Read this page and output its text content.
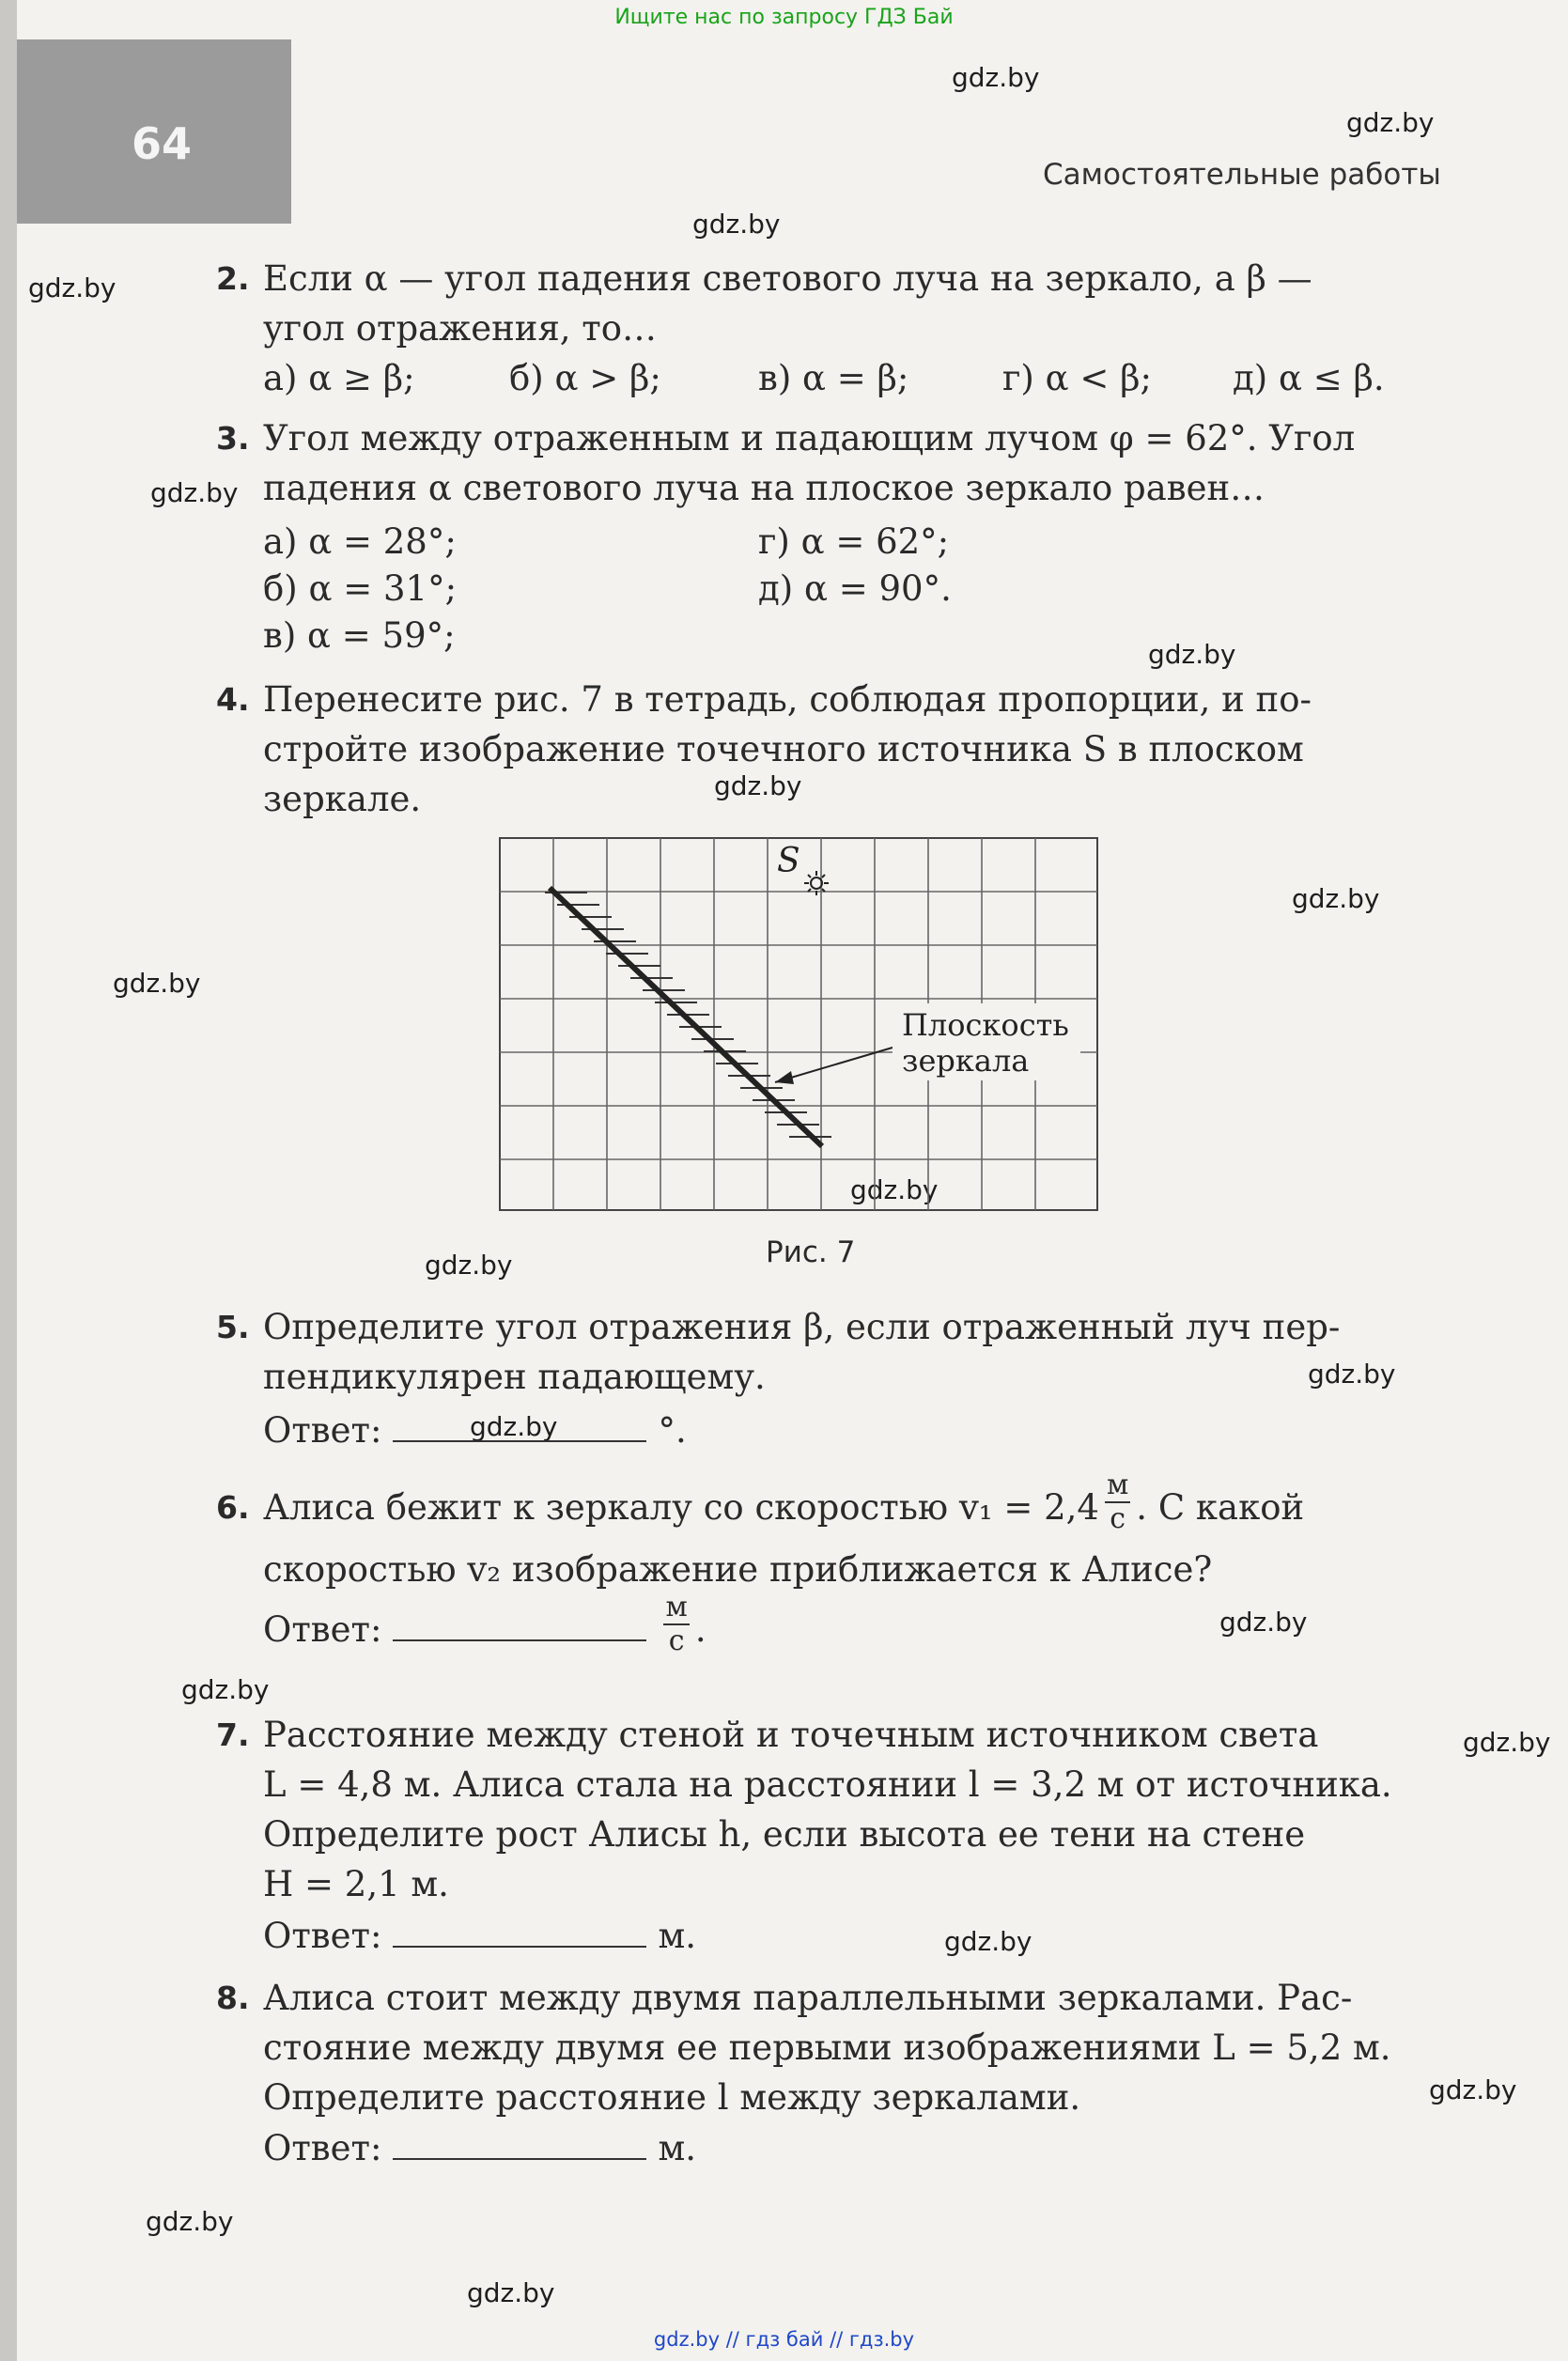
64
Ищите нас по запросу ГДЗ Бай
Самостоятельные работы
gdz.by
gdz.by
gdz.by
gdz.by
gdz.by
gdz.by
gdz.by
gdz.by
gdz.by
gdz.by
gdz.by
gdz.by
gdz.by
gdz.by
gdz.by
gdz.by
gdz.by
gdz.by
gdz.by
gdz.by
2. Если α — угол падения светового луча на зеркало, а β —
угол отражения, то…
а) α ≥ β;	б) α > β;	в) α = β;	г) α < β; д) α ≤ β.
3. Угол между отраженным и падающим лучом φ = 62°. Угол
падения α светового луча на плоское зеркало равен…
а) α = 28°;
б) α = 31°;
в) α = 59°;
г) α = 62°;
д) α = 90°.
4. Перенесите рис. 7 в тетрадь, соблюдая пропорции, и по-
стройте изображение точечного источника S в плоском
зеркале.
S
Плоскость
зеркала
Рис. 7
5. Определите угол отражения β, если отраженный луч пер-
пендикулярен падающему.
Ответ:	°.
6. Алиса бежит к зеркалу со скоростью $v_1 = 2,4 \frac{м}{с}$ . С какой
скоростью v₂ изображение приближается к Алисе?
Ответ:	$\frac{м}{с}$ .
7. Расстояние между стеной и точечным источником света
L = 4,8 м. Алиса стала на расстоянии l = 3,2 м от источника.
Определите рост Алисы h, если высота ее тени на стене
H = 2,1 м.
Ответ:	м.
8. Алиса стоит между двумя параллельными зеркалами. Рас-
стояние между двумя ее первыми изображениями L = 5,2 м.
Определите расстояние l между зеркалами.
Ответ:	м.
gdz.by // гдз бай // гдз.by
